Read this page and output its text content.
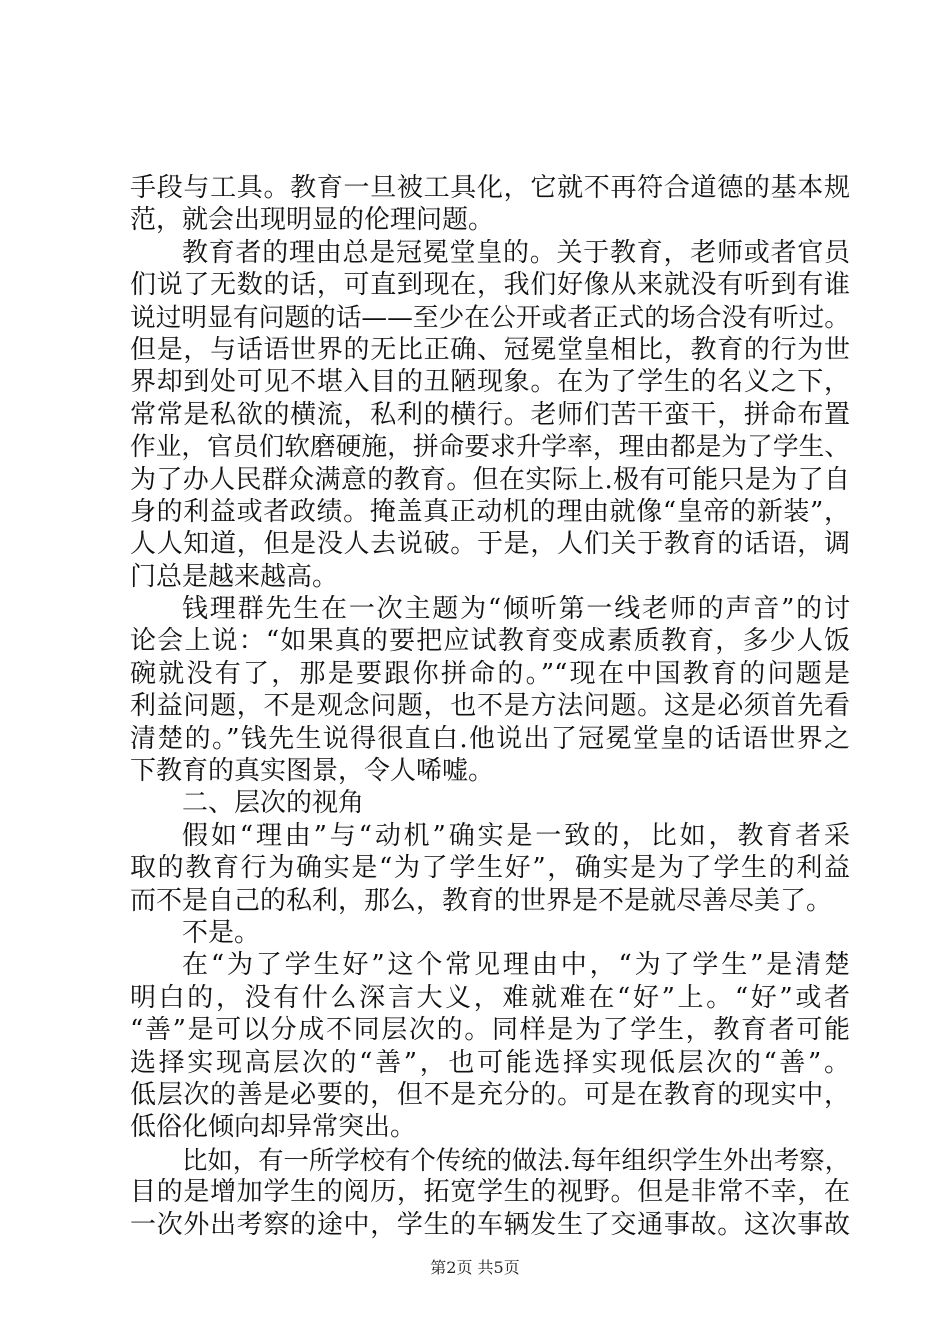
手段与工具。教育一旦被工具化，它就不再符合道德的基本规
范，就会出现明显的伦理问题。
教育者的理由总是冠冕堂皇的。关于教育，老师或者官员
们说了无数的话，可直到现在，我们好像从来就没有听到有谁
说过明显有问题的话——至少在公开或者正式的场合没有听过。
但是，与话语世界的无比正确、冠冕堂皇相比，教育的行为世
界却到处可见不堪入目的丑陋现象。在为了学生的名义之下，
常常是私欲的横流，私利的横行。老师们苦干蛮干，拼命布置
作业，官员们软磨硬施，拼命要求升学率，理由都是为了学生、
为了办人民群众满意的教育。但在实际上.极有可能只是为了自
身的利益或者政绩。掩盖真正动机的理由就像“皇帝的新装”，
人人知道，但是没人去说破。于是，人们关于教育的话语，调
门总是越来越高。
钱理群先生在一次主题为“倾听第一线老师的声音”的讨
论会上说：“如果真的要把应试教育变成素质教育，多少人饭
碗就没有了，那是要跟你拼命的。”“现在中国教育的问题是
利益问题，不是观念问题，也不是方法问题。这是必须首先看
清楚的。”钱先生说得很直白.他说出了冠冕堂皇的话语世界之
下教育的真实图景，令人唏嘘。
二、层次的视角
假如“理由”与“动机”确实是一致的，比如，教育者采
取的教育行为确实是“为了学生好”，确实是为了学生的利益
而不是自己的私利，那么，教育的世界是不是就尽善尽美了。
不是。
在“为了学生好”这个常见理由中，“为了学生”是清楚
明白的，没有什么深言大义，难就难在“好”上。“好”或者
“善”是可以分成不同层次的。同样是为了学生，教育者可能
选择实现高层次的“善”，也可能选择实现低层次的“善”。
低层次的善是必要的，但不是充分的。可是在教育的现实中，
低俗化倾向却异常突出。
比如，有一所学校有个传统的做法.每年组织学生外出考察，
目的是增加学生的阅历，拓宽学生的视野。但是非常不幸，在
一次外出考察的途中，学生的车辆发生了交通事故。这次事故
第2页 共5页
